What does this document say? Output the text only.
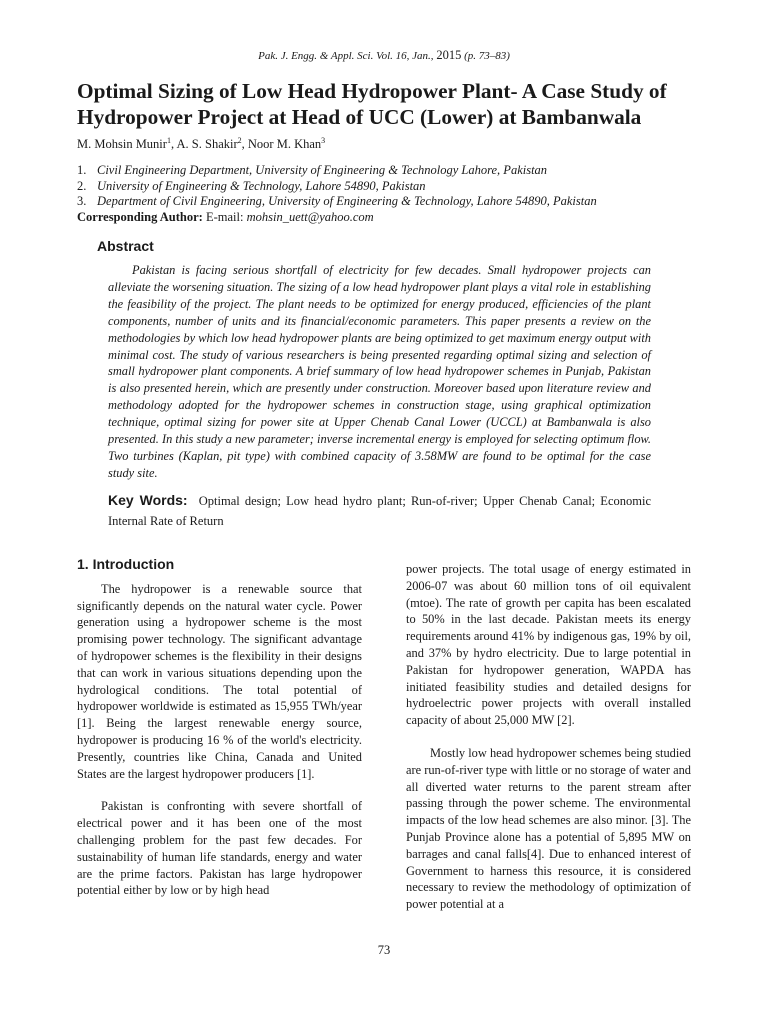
Pak. J. Engg. & Appl. Sci. Vol. 16, Jan., 2015 (p. 73–83)
Optimal Sizing of Low Head Hydropower Plant- A Case Study of Hydropower Project at Head of UCC (Lower) at Bambanwala
M. Mohsin Munir$^1$, A. S. Shakir$^2$, Noor M. Khan$^3$
1. Civil Engineering Department, University of Engineering & Technology Lahore, Pakistan
2. University of Engineering & Technology, Lahore 54890, Pakistan
3. Department of Civil Engineering, University of Engineering & Technology, Lahore 54890, Pakistan
Corresponding Author: E-mail: mohsin_uett@yahoo.com
Abstract

Pakistan is facing serious shortfall of electricity for few decades. Small hydropower projects can alleviate the worsening situation. The sizing of a low head hydropower plant plays a vital role in establishing the feasibility of the project. The plant needs to be optimized for energy produced, efficiencies of the plant components, number of units and its financial/economic parameters. This paper presents a review on the methodologies by which low head hydropower plants are being optimized to get maximum energy output with minimal cost. The study of various researchers is being presented regarding optimal sizing and selection of small hydropower plant components. A brief summary of low head hydropower schemes in Punjab, Pakistan is also presented herein, which are presently under construction. Moreover based upon literature review and methodology adopted for the hydropower schemes in construction stage, using graphical optimization technique, optimal sizing for power site at Upper Chenab Canal Lower (UCCL) at Bambanwala is also presented. In this study a new parameter; inverse incremental energy is employed for selecting optimum flow. Two turbines (Kaplan, pit type) with combined capacity of 3.58MW are found to be optimal for the case study site.

Key Words: Optimal design; Low head hydro plant; Run-of-river; Upper Chenab Canal; Economic Internal Rate of Return

1. Introduction

The hydropower is a renewable source that significantly depends on the natural water cycle. Power generation using a hydropower scheme is the most promising power technology. The significant advantage of hydropower schemes is the flexibility in their designs that can work in various situations depending upon the hydrological conditions. The total potential of hydropower worldwide is estimated as 15,955 TWh/year [1]. Being the largest renewable energy source, hydropower is producing 16 % of the world's electricity. Presently, countries like China, Canada and United States are the largest hydropower producers [1].

Pakistan is confronting with severe shortfall of electrical power and it has been one of the most challenging problem for the past few decades. For sustainability of human life standards, energy and water are the prime factors. Pakistan has large hydropower potential either by low or by high head

power projects. The total usage of energy estimated in 2006-07 was about 60 million tons of oil equivalent (mtoe). The rate of growth per capita has been escalated to 50% in the last decade. Pakistan meets its energy requirements around 41% by indigenous gas, 19% by oil, and 37% by hydro electricity. Due to large potential in Pakistan for hydropower generation, WAPDA has initiated feasibility studies and detailed designs for hydroelectric power projects with overall installed capacity of about 25,000 MW [2].

Mostly low head hydropower schemes being studied are run-of-river type with little or no storage of water and all diverted water returns to the parent stream after passing through the power scheme. The environmental impacts of the low head schemes are also minor. [3]. The Punjab Province alone has a potential of 5,895 MW on barrages and canal falls[4]. Due to enhanced interest of Government to harness this resource, it is considered necessary to review the methodology of optimization of power potential at a

73
